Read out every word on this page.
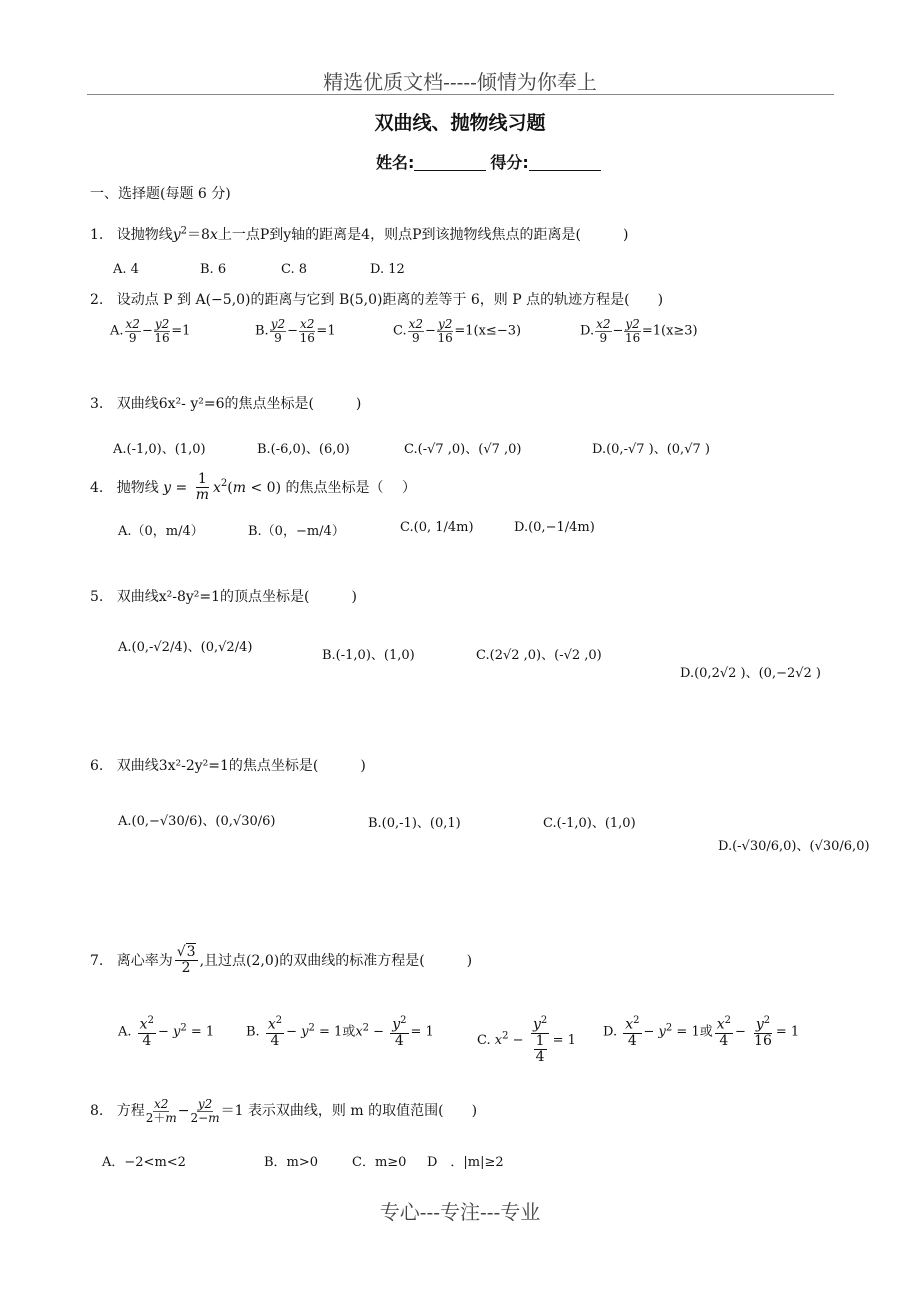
精选优质文档-----倾情为你奉上
双曲线、抛物线习题
姓名:	得分:
一、选择题(每题 6 分)
1. 设抛物线$y^2=8x$上一点P到y轴的距离是4，则点P到该抛物线焦点的距离是(　　　)
A. 4	B. 6	C. 8	D. 12
2. 设动点 P 到 A(−5,0)的距离与它到 B(5,0)距离的差等于 6，则 P 点的轨迹方程是(　　)
A. $\frac{x2}{9} - \frac{y2}{16} =1$	B. $\frac{y2}{9} - \frac{x2}{16} =1$	C. $\frac{x2}{9} - \frac{y2}{16} =1(x\le-3)$	D. $\frac{x2}{9} - \frac{y2}{16} =1(x\ge 3)$
3. 双曲线6x²- y²=6的焦点坐标是(　　　)
A.(-1,0)、(1,0)	B.(-6,0)、(6,0)	C.(-√7 ,0)、(√7 ,0)	D.(0,-√7 )、(0,√7 )
4. 抛物线 $y = \frac{1}{m} x^2(m < 0)$ 的焦点坐标是（　 ）
A.（0，m/4）	B.（0，−m/4）	C.(0, 1/4m)	D.(0,−1/4m)
5. 双曲线x²-8y²=1的顶点坐标是(　　　)
A.(0,-√2/4)、(0,√2/4)
B.(-1,0)、(1,0)	C.(2√2 ,0)、(-√2 ,0)
D.(0,2√2 )、(0,−2√2 )
6. 双曲线3x²-2y²=1的焦点坐标是(　　　)
A.(0,−√30/6)、(0,√30/6)	B.(0,-1)、(0,1)	C.(-1,0)、(1,0)
D.(-√30/6,0)、(√30/6,0)
7. 离心率为
√ $\frac{3}{2}$ ,且过点(2,0)的双曲线的标准方程是(　　　)
A. $\frac{x^2}{4} - y^2 = 1$ B. $\frac{x^2}{4} - y^2 = 1$或$x^2 - \frac{y^2}{4} = 1$
C. $x^2 - \frac{y^2}{\frac{1}{4}} = 1$
D. $\frac{x^2}{4} - y^2 = 1$或 $\frac{x^2}{4} - \frac{y^2}{16} = 1$
8. 方程 $\frac{x2}{2+m} - \frac{y2}{2-m} =1$ 表示双曲线，则 m 的取值范围(　　)
A．−2<m<2	B．m>0	C．m≥0 D　．|m|≥2
专心---专注---专业
